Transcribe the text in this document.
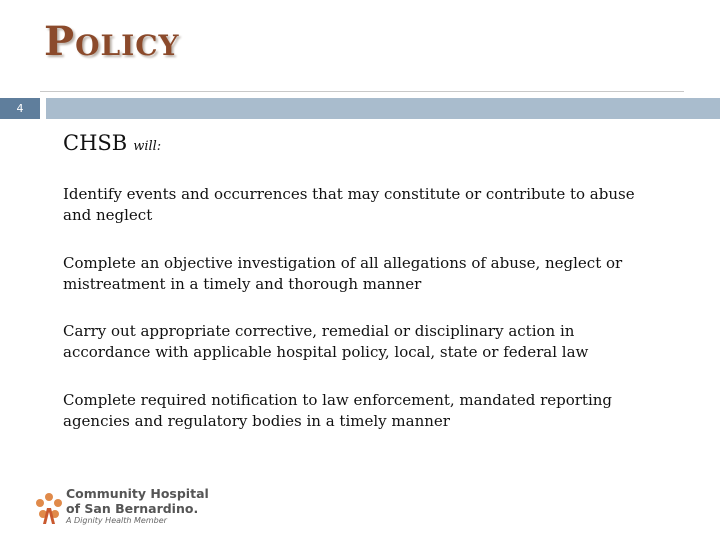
Policy
4

CHSB will:

Identify events and occurrences that may constitute or contribute to abuse and neglect

Complete an objective investigation of all allegations of abuse, neglect or mistreatment in a timely and thorough manner

Carry out appropriate corrective, remedial or disciplinary action in accordance with applicable hospital policy, local, state or federal law

Complete required notification to law enforcement, mandated reporting agencies and regulatory bodies in a timely manner

Community Hospital
of San Bernardino.
A Dignity Health Member
